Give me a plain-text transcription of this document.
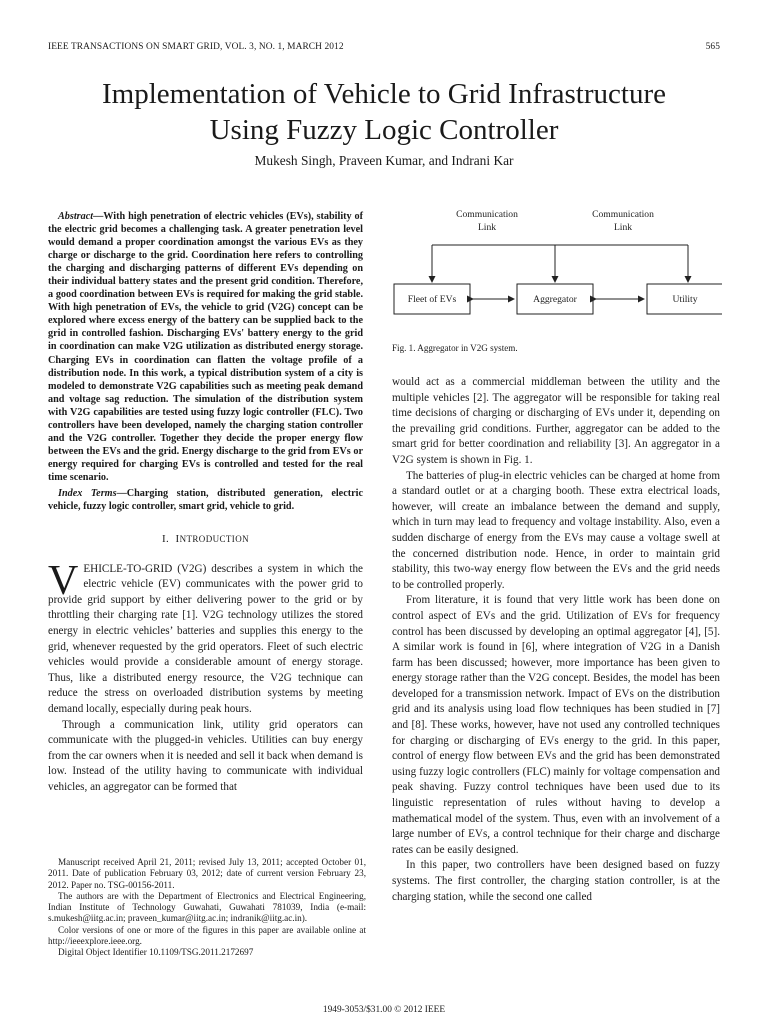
IEEE TRANSACTIONS ON SMART GRID, VOL. 3, NO. 1, MARCH 2012	565
Implementation of Vehicle to Grid Infrastructure
Using Fuzzy Logic Controller
Mukesh Singh, Praveen Kumar, and Indrani Kar

Abstract—With high penetration of electric vehicles (EVs), stability of the electric grid becomes a challenging task. A greater penetration level would demand a proper coordination amongst the various EVs as they charge or discharge to the grid. Coordination here refers to controlling the charging and discharging patterns of different EVs depending on their individual battery states and the present grid condition. Therefore, a good coordination between EVs is required for making the grid stable. With high penetration of EVs, the vehicle to grid (V2G) concept can be explored where excess energy of the battery can be supplied back to the grid in controlled fashion. Discharging EVs' battery energy to the grid in coordination can make V2G utilization as distributed energy storage. Charging EVs in coordination can flatten the voltage profile of a distribution node. In this work, a typical distribution system of a city is modeled to demonstrate V2G capabilities such as meeting peak demand and voltage sag reduction. The simulation of the distribution system with V2G capabilities are tested using fuzzy logic controller (FLC). Two controllers have been developed, namely the charging station controller and the V2G controller. Together they decide the proper energy flow between the EVs and the grid. Energy discharge to the grid from EVs or energy required for charging EVs is controlled and tested for the real time scenario.

Index Terms—Charging station, distributed generation, electric vehicle, fuzzy logic controller, smart grid, vehicle to grid.

I. INTRODUCTION

VEHICLE-TO-GRID (V2G) describes a system in which the electric vehicle (EV) communicates with the power grid to provide grid support by either delivering power to the grid or by throttling their charging rate [1]. V2G technology utilizes the stored energy in electric vehicles’ batteries and supplies this energy to the grid, whenever requested by the grid operators. Fleet of such electric vehicles would provide a considerable amount of energy storage. Thus, like a distributed energy resource, the V2G technique can reduce the stress on overloaded distribution systems by meeting demand locally, especially during peak hours.

Through a communication link, utility grid operators can communicate with the plugged-in vehicles. Utilities can buy energy from the car owners when it is needed and sell it back when demand is low. Instead of the utility having to communicate with individual vehicles, an aggregator can be formed that

Communication
Link
Communication
Link
Fleet of EVs	Aggregator	Utility
Fig. 1. Aggregator in V2G system.

would act as a commercial middleman between the utility and the multiple vehicles [2]. The aggregator will be responsible for taking real time decisions of charging or discharging of EVs under it, depending on the prevailing grid conditions. Further, aggregator can be added to the smart grid for better coordination and reliability [3]. An aggregator in a V2G system is shown in Fig. 1.

The batteries of plug-in electric vehicles can be charged at home from a standard outlet or at a charging booth. These extra electrical loads, however, will create an imbalance between the demand and supply, which in turn may lead to frequency and voltage instability. Also, even a sudden discharge of energy from the EVs may cause a voltage swell at the concerned distribution node. Hence, in order to maintain grid stability, this two-way energy flow between the EVs and the grid needs to be controlled properly.

From literature, it is found that very little work has been done on control aspect of EVs and the grid. Utilization of EVs for frequency control has been discussed by developing an optimal aggregator [4], [5]. A similar work is found in [6], where integration of V2G in a Danish farm has been discussed; however, more importance has been given to energy storage rather than the V2G concept. Besides, the model has been developed for a transmission network. Impact of EVs on the distribution grid and its analysis using load flow techniques has been studied in [7] and [8]. These works, however, have not used any controlled techniques for charging or discharging of EVs energy to the grid. In this paper, control of energy flow between EVs and the grid has been demonstrated using fuzzy logic controllers (FLC) mainly for voltage compensation and peak shaving. Fuzzy control techniques have been used due to its linguistic representation of rules without having to develop a mathematical model of the system. Thus, even with an involvement of a large number of EVs, a control technique for their charge and discharge rates can be easily designed.

In this paper, two controllers have been designed based on fuzzy systems. The first controller, the charging station controller, is at the charging station, while the second one called

Manuscript received April 21, 2011; revised July 13, 2011; accepted October 01, 2011. Date of publication February 03, 2012; date of current version February 23, 2012. Paper no. TSG-00156-2011.

The authors are with the Department of Electronics and Electrical Engineering, Indian Institute of Technology Guwahati, Guwahati 781039, India (e-mail: s.mukesh@iitg.ac.in; praveen_kumar@iitg.ac.in; indranik@iitg.ac.in).

Color versions of one or more of the figures in this paper are available online at http://ieeexplore.ieee.org.

Digital Object Identifier 10.1109/TSG.2011.2172697

1949-3053/$31.00 © 2012 IEEE
